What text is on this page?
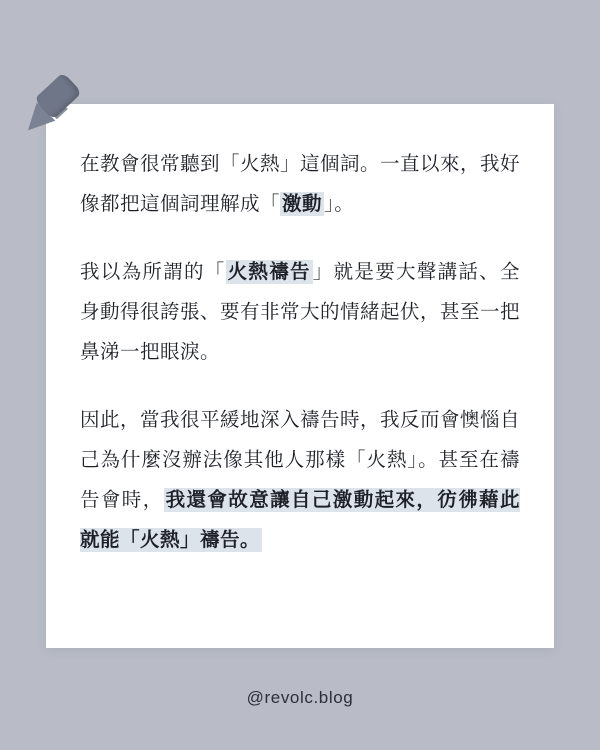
在教會很常聽到「火熱」這個詞。一直以來，我好像都把這個詞理解成「 激動 」。

我以為所謂的「 火熱禱告 」就是要大聲講話、全身動得很誇張、要有非常大的情緒起伏，甚至一把鼻涕一把眼淚。

因此，當我很平緩地深入禱告時，我反而會懊惱自己為什麼沒辦法像其他人那樣「火熱」。甚至在禱告會時， 我還會故意讓自己激動起來，彷彿藉此就能「火熱」禱告。

@revolc.blog
